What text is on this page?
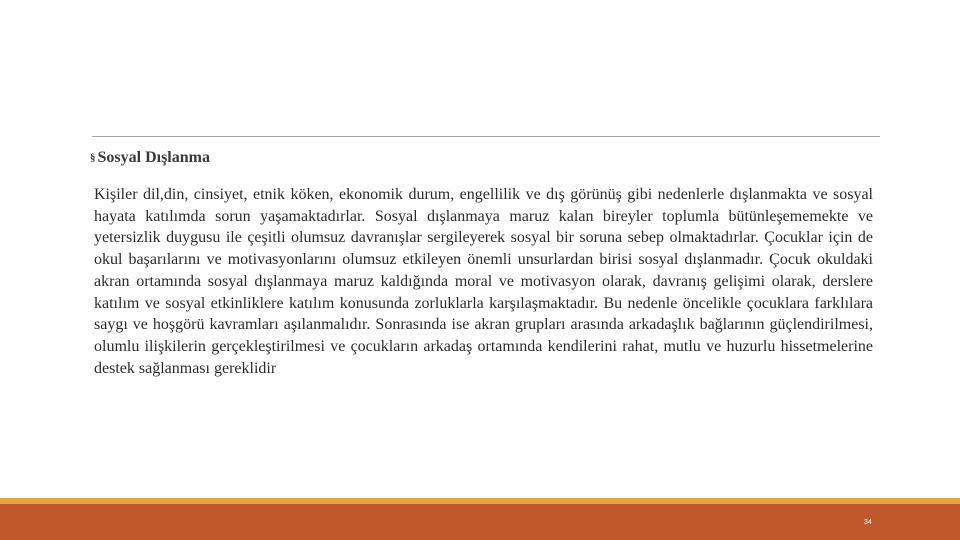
§ Sosyal Dışlanma

Kişiler dil,din, cinsiyet, etnik köken, ekonomik durum, engellilik ve dış görünüş gibi nedenlerle dışlanmakta ve sosyal hayata katılımda sorun yaşamaktadırlar. Sosyal dışlanmaya maruz kalan bireyler toplumla bütünleşememekte ve yetersizlik duygusu ile çeşitli olumsuz davranışlar sergileyerek sosyal bir soruna sebep olmaktadırlar. Çocuklar için de okul başarılarını ve motivasyonlarını olumsuz etkileyen önemli unsurlardan birisi sosyal dışlanmadır. Çocuk okuldaki akran ortamında sosyal dışlanmaya maruz kaldığında moral ve motivasyon olarak, davranış gelişimi olarak, derslere katılım ve sosyal etkinliklere katılım konusunda zorluklarla karşılaşmaktadır. Bu nedenle öncelikle çocuklara farklılara saygı ve hoşgörü kavramları aşılanmalıdır. Sonrasında ise akran grupları arasında arkadaşlık bağlarının güçlendirilmesi, olumlu ilişkilerin gerçekleştirilmesi ve çocukların arkadaş ortamında kendilerini rahat, mutlu ve huzurlu hissetmelerine destek sağlanması gereklidir

34
